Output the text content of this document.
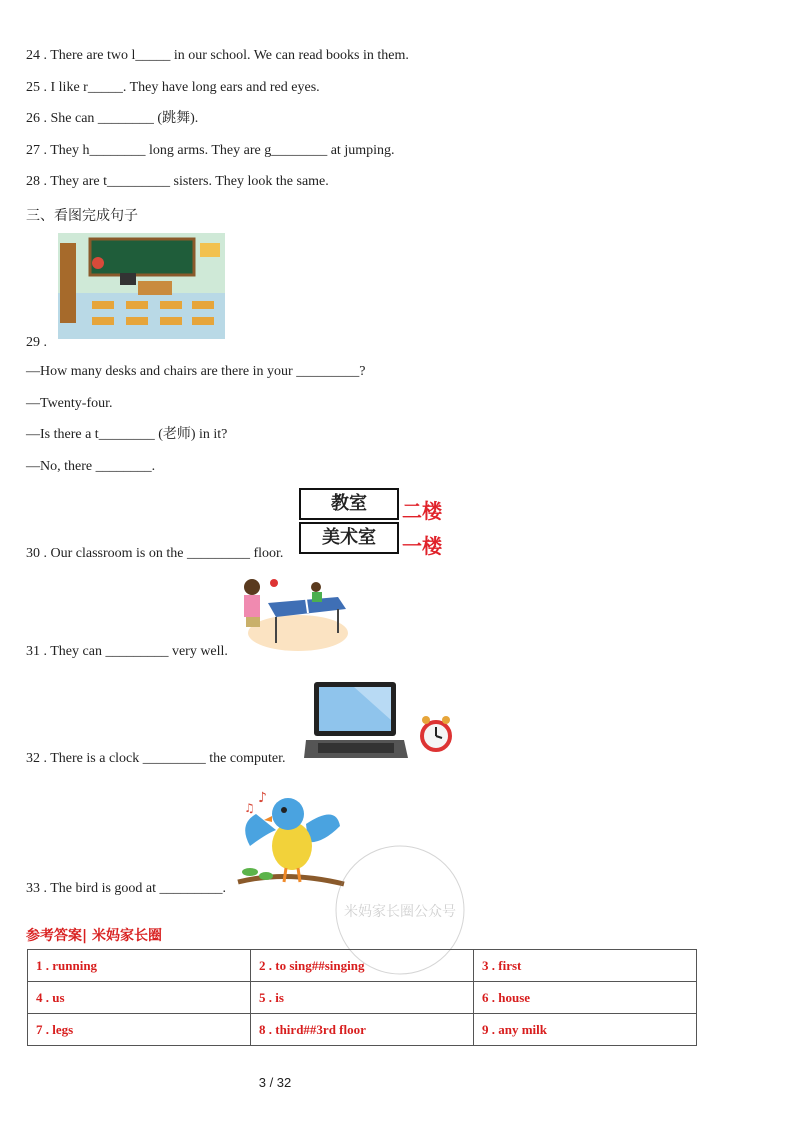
24 . There are two l_____ in our school. We can read books in them.
25 . I like r_____. They have long ears and red eyes.
26 . She can ________ (跳舞).
27 . They h________ long arms. They are g________ at jumping.
28 . They are t_________ sisters. They look the same.
三、看图完成句子
29 .
—How many desks and chairs are there in your _________?
—Twenty-four.
—Is there a t________ (老师) in it?
—No, there ________.
教室
美术室
二楼
一楼
30 . Our classroom is on the _________ floor.
31 . They can _________ very well.
32 . There is a clock _________ the computer.
♪
♫
33 . The bird is good at _________.
米妈家长圈公众号
参考答案| 米妈家长圈
1 . running	2 . to sing##singing	3 . first
4 . us	5 . is	6 . house
7 . legs	8 . third##3rd floor	9 . any milk
3 / 32
